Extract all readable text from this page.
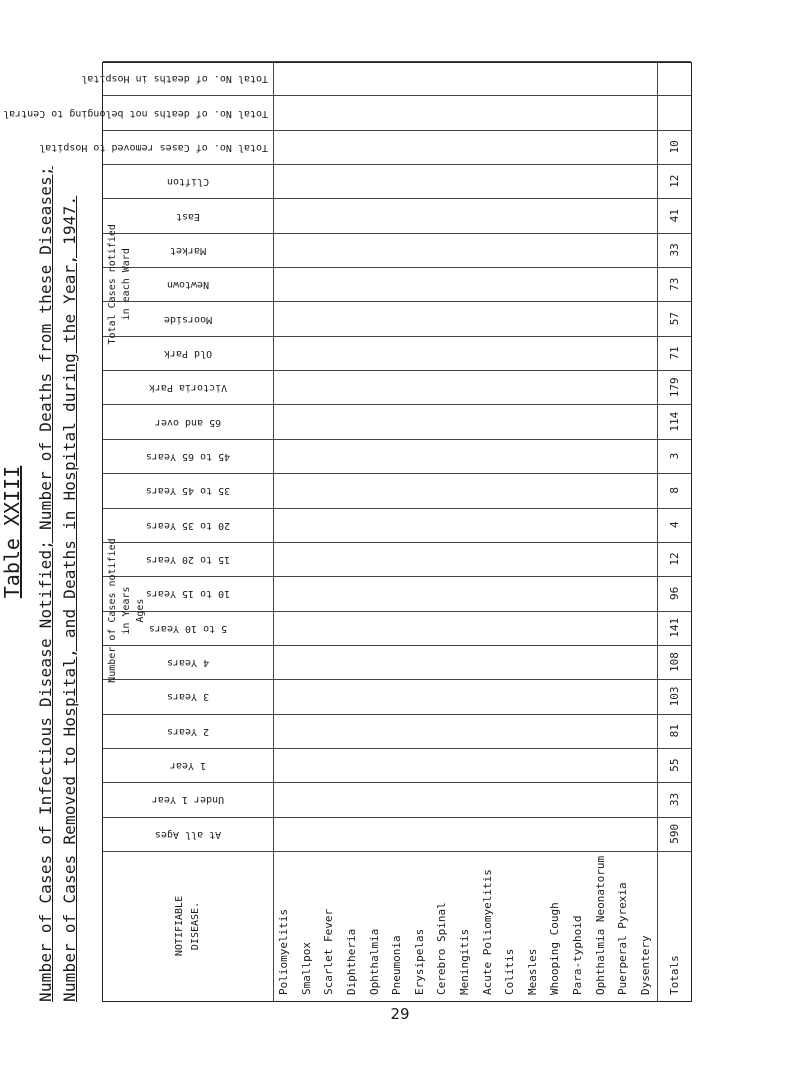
Table XXIII Number of Cases of Infectious Disease Notified; Number of Deaths from these Diseases; Number of Cases Removed to Hospital, and Deaths in Hospital during the Year, 1947.	NOTIFIABLE DISEASE.
At all Ages
Under 1 Year
1 Year
2 Years
3 Years
4 Years
5 to 10 Years
10 to 15 Years
15 to 20 Years
20 to 35 Years
35 to 45 Years
45 to 65 Years
65 and over
Victoria Park
Old Park
Moorside
Newtown
Market
East
Clifton
Total No. of Cases removed to Hospital
Total No. of deaths not belonging to Central
Total No. of deaths in Hospital
Number of Cases notified in Years Ages
Total Cases notified in each Ward
Poliomyelitis Smallpox Scarlet Fever Diphtheria Ophthalmia Pneumonia Erysipelas Cerebro Spinal Meningitis Acute Poliomyelitis Colitis Measles Whooping Cough Para-typhoid Ophthalmia Neonatorum Puerperal Pyrexia Dysentery Totals
590
33
55
81
103
108
141
96
12
4
8
3
114
179
71
57
73
33
41
12
10
29
